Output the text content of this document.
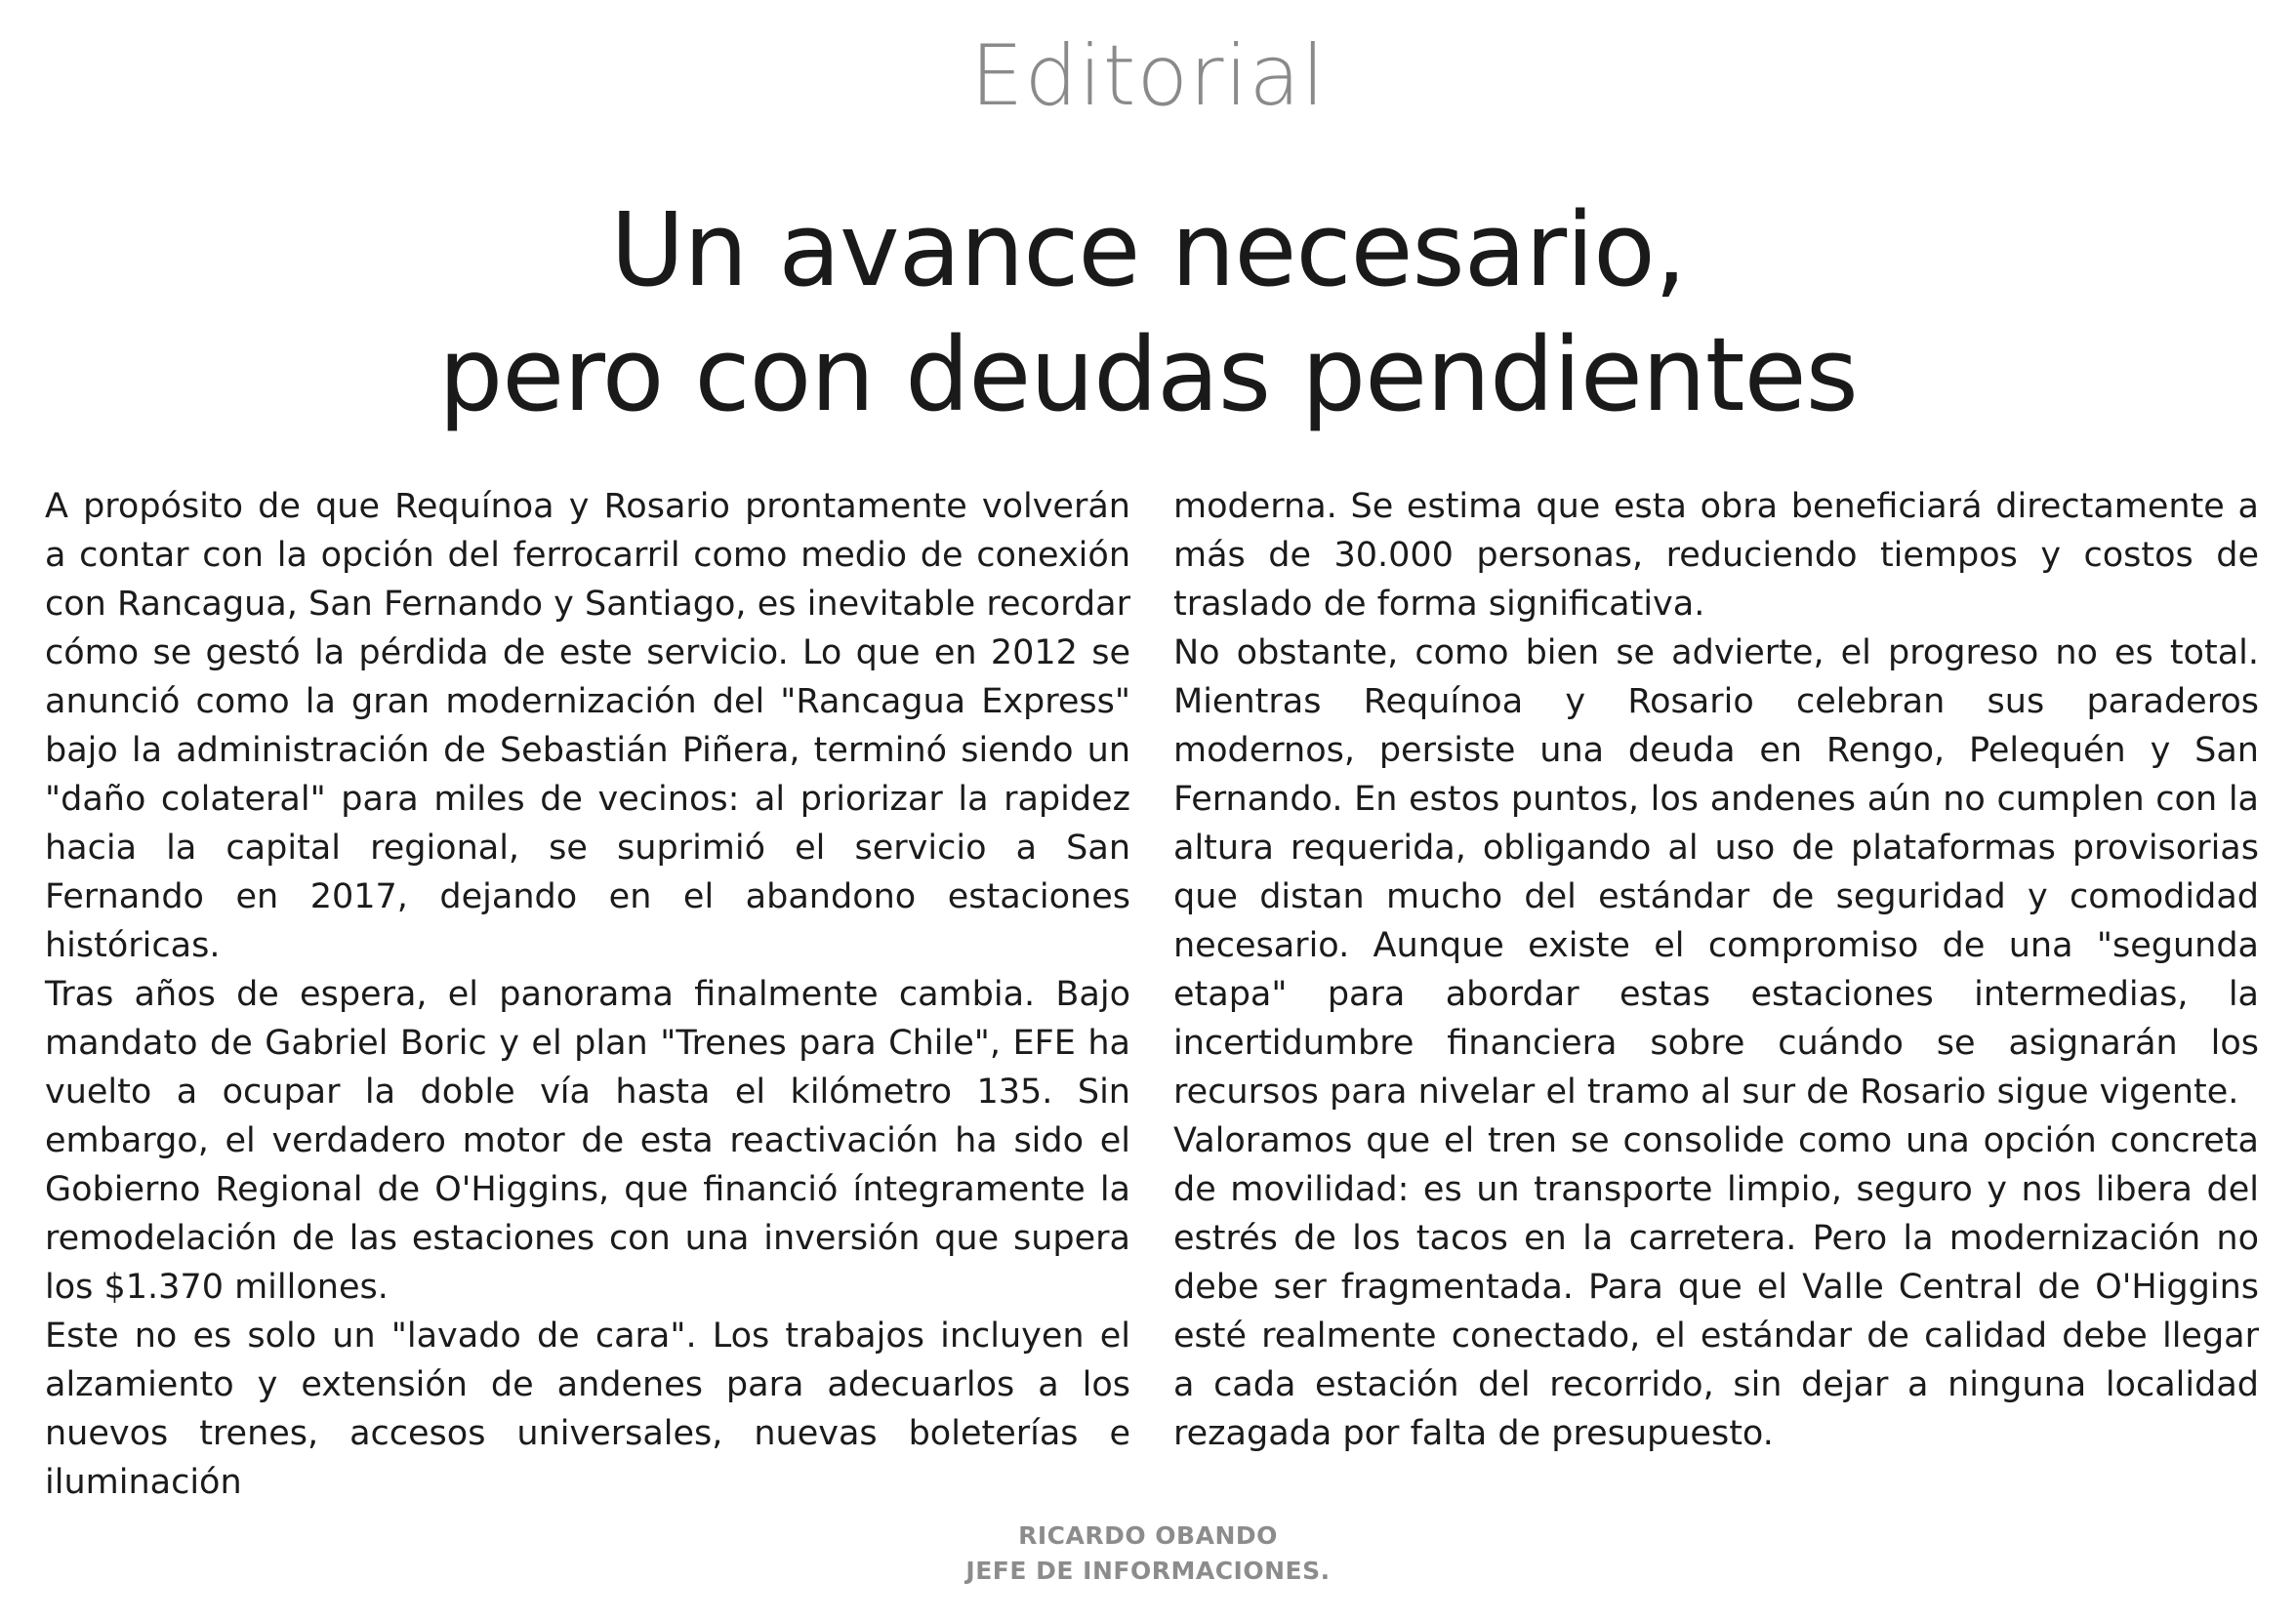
Editorial
Un avance necesario,
pero con deudas pendientes

A propósito de que Requínoa y Rosario prontamente volverán a contar con la opción del ferrocarril como medio de conexión con Rancagua, San Fernando y Santiago, es inevitable recordar cómo se gestó la pérdida de este servicio. Lo que en 2012 se anunció como la gran modernización del "Rancagua Express" bajo la administración de Sebastián Piñera, terminó siendo un "daño colateral" para miles de vecinos: al priorizar la rapidez hacia la capital regional, se suprimió el servicio a San Fernando en 2017, dejando en el abandono estaciones históricas.

Tras años de espera, el panorama finalmente cambia. Bajo mandato de Gabriel Boric y el plan "Trenes para Chile", EFE ha vuelto a ocupar la doble vía hasta el kilómetro 135. Sin embargo, el verdadero motor de esta reactivación ha sido el Gobierno Regional de O'Higgins, que financió íntegramente la remodelación de las estaciones con una inversión que supera los $1.370 millones.

Este no es solo un "lavado de cara". Los trabajos incluyen el alzamiento y extensión de andenes para adecuarlos a los nuevos trenes, accesos universales, nuevas boleterías e iluminación

moderna. Se estima que esta obra beneficiará directamente a más de 30.000 personas, reduciendo tiempos y costos de traslado de forma significativa.

No obstante, como bien se advierte, el progreso no es total. Mientras Requínoa y Rosario celebran sus paraderos modernos, persiste una deuda en Rengo, Pelequén y San Fernando. En estos puntos, los andenes aún no cumplen con la altura requerida, obligando al uso de plataformas provisorias que distan mucho del estándar de seguridad y comodidad necesario. Aunque existe el compromiso de una "segunda etapa" para abordar estas estaciones intermedias, la incertidumbre financiera sobre cuándo se asignarán los recursos para nivelar el tramo al sur de Rosario sigue vigente.

Valoramos que el tren se consolide como una opción concreta de movilidad: es un transporte limpio, seguro y nos libera del estrés de los tacos en la carretera. Pero la modernización no debe ser fragmentada. Para que el Valle Central de O'Higgins esté realmente conectado, el estándar de calidad debe llegar a cada estación del recorrido, sin dejar a ninguna localidad rezagada por falta de presupuesto.

RICARDO OBANDO
JEFE DE INFORMACIONES.
